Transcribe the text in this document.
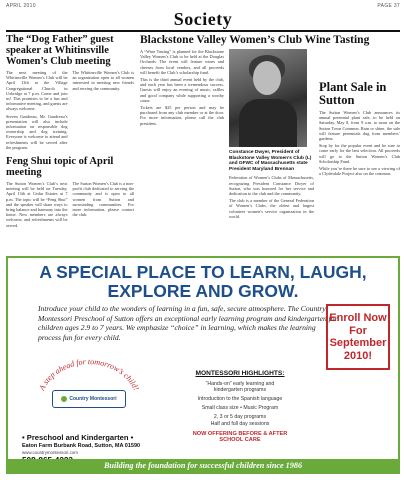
APRIL 2010	PAGE 37
Society
The “Dog Father” guest speaker at Whitinsville Women’s Club meeting

The next meeting of the Whitinsville Women’s Club will be April 13th at the Village Congregational Church in Uxbridge at 7 p.m. Come and join us! This promises to be a fun and informative meeting, and guests are always welcome.

Steven Gaudreau, Mr. Gaudreau’s presentation will also include information on responsible dog ownership and dog training. Everyone is welcome to attend and refreshments will be served after the program.

The Whitinsville Women’s Club is an organization open to all women interested in meeting new friends and serving the community.

Feng Shui topic of April meeting

The Sutton Women’s Club’s next meeting will be held on Tuesday, April 13th at Cedar Estates at 7 p.m. The topic will be “Feng Shui” and the speaker will share ways to bring balance and harmony into the home. New members are always welcome, and refreshments will be served.

The Sutton Women’s Club is a non-profit club dedicated to serving the community and is open to all women from Sutton and surrounding communities. For more information, please contact the club.

Blackstone Valley Women’s Club Wine Tasting

A “Wine Tasting” is planned for the Blackstone Valley Women’s Club to be held at the Douglas Orchards. The event will feature wines and cheeses from local vendors, and all proceeds will benefit the Club’s scholarship fund.

This is the third annual event held by the club, and each year has been a tremendous success. Guests will enjoy an evening of music, raffles and good company while supporting a worthy cause.

Tickets are $25 per person and may be purchased from any club member or at the door. For more information, please call the club president.

Constance Dwyer, President of Blackstone Valley Women’s Club (L) and GFWC of Massachusetts state President Maryland Brennan

Federation of Women’s Clubs of Massachusetts, recognizing President Constance Dwyer of Sutton, who was honored for her service and dedication to the club and the community.

The club is a member of the General Federation of Women’s Clubs, the oldest and largest volunteer women’s service organization in the world.

Plant Sale in Sutton

The Sutton Women’s Club announces its annual perennial plant sale, to be held on Saturday, May 8, from 9 a.m. to noon on the Sutton Town Common. Rain or shine, the sale will feature perennials dug from members’ gardens.

Stop by for the popular event and be sure to come early for the best selection. All proceeds will go to the Sutton Women’s Club Scholarship Fund.

While you’re there be sure to see a viewing of a Clydesdale Project also on the common.

A SPECIAL PLACE TO LEARN, LAUGH, EXPLORE AND GROW.
Introduce your child to the wonders of learning in a fun, safe, secure atmosphere. The Country Montessori Preschool of Sutton offers an exceptional early learning program and kindergarten for children ages 2.9 to 7 years. We emphasize “choice” in learning, which makes the learning process fun for every child.
Enroll Now For September 2010!
A step ahead for tomorrow’s child!
Country Montessori
• Preschool and Kindergarten •
Eaton Farm Burbank Road, Sutton, MA 01590
www.countrymontessori.com
Director
MONTESSORI HIGHLIGHTS:
“Hands-on” early learning and kindergarten programs
Introduction to the Spanish language
Small class size • Music Program
2, 3 or 5 day programs
Half and full day sessions
NOW OFFERING BEFORE & AFTER SCHOOL CARE
Building the foundation for successful children since 1986
